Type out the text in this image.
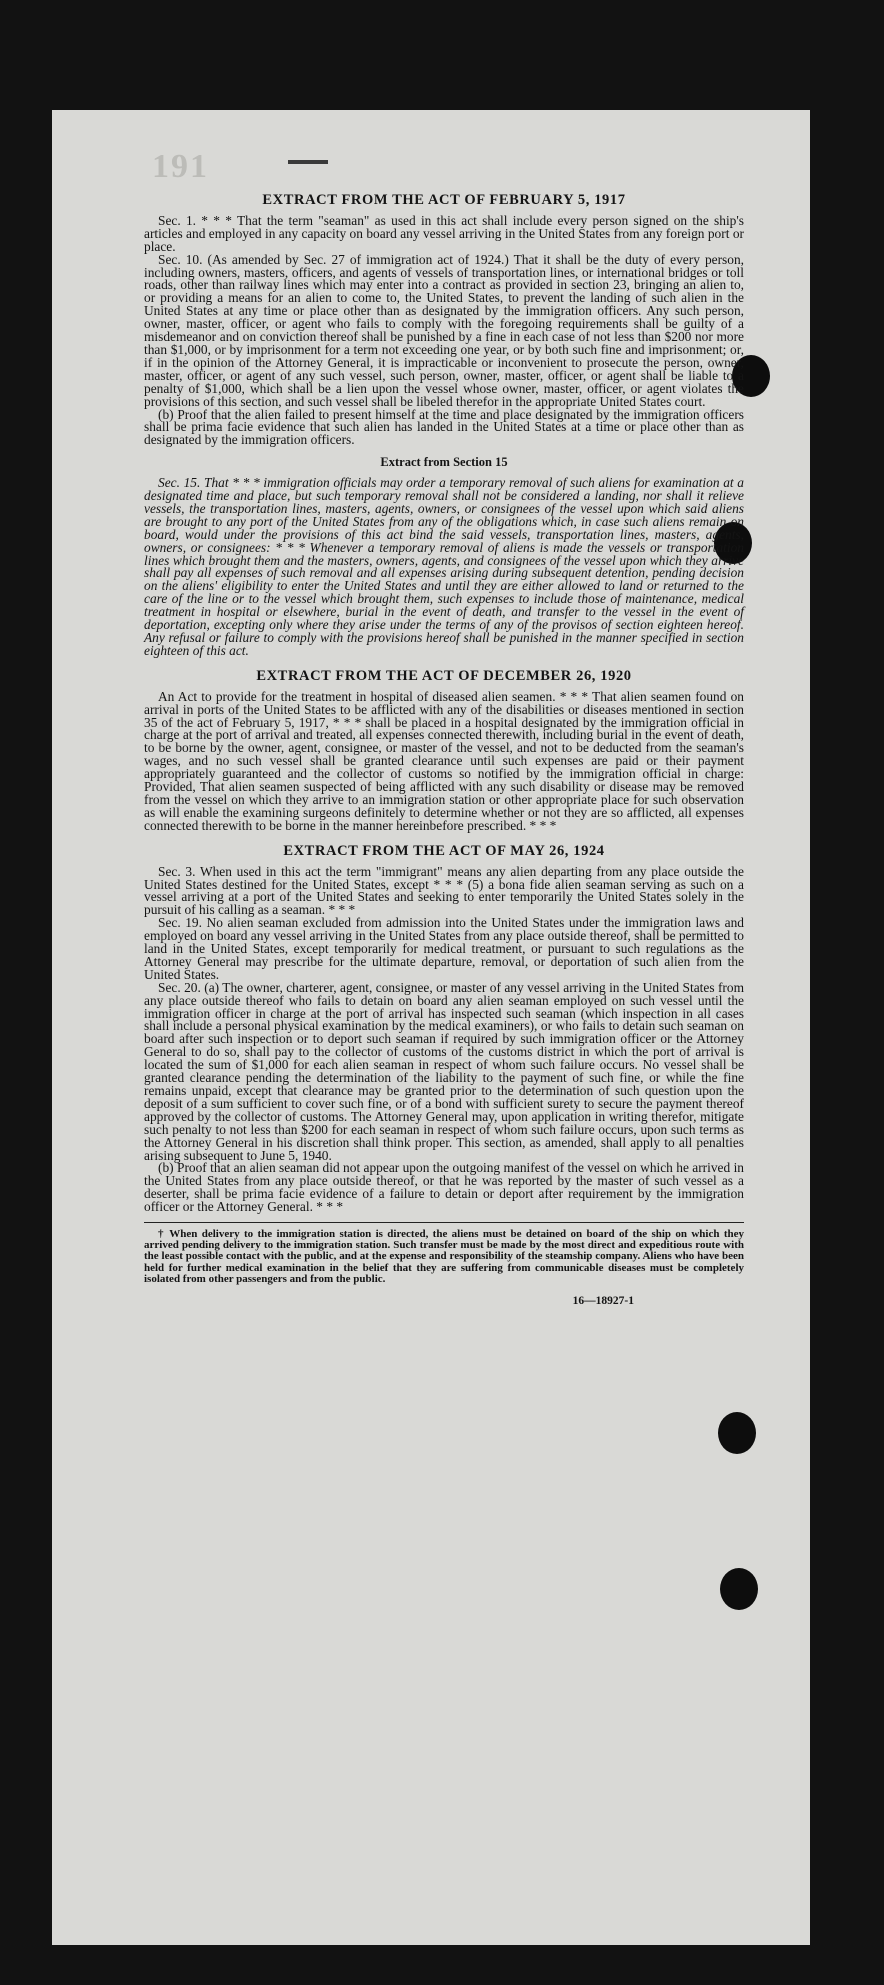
191
EXTRACT FROM THE ACT OF FEBRUARY 5, 1917

Sec. 1. * * * That the term "seaman" as used in this act shall include every person signed on the ship's articles and employed in any capacity on board any vessel arriving in the United States from any foreign port or place.

Sec. 10. (As amended by Sec. 27 of immigration act of 1924.) That it shall be the duty of every person, including owners, masters, officers, and agents of vessels of transportation lines, or international bridges or toll roads, other than railway lines which may enter into a contract as provided in section 23, bringing an alien to, or providing a means for an alien to come to, the United States, to prevent the landing of such alien in the United States at any time or place other than as designated by the immigration officers. Any such person, owner, master, officer, or agent who fails to comply with the foregoing requirements shall be guilty of a misdemeanor and on conviction thereof shall be punished by a fine in each case of not less than $200 nor more than $1,000, or by imprisonment for a term not exceeding one year, or by both such fine and imprisonment; or, if in the opinion of the Attorney General, it is impracticable or inconvenient to prosecute the person, owner, master, officer, or agent of any such vessel, such person, owner, master, officer, or agent shall be liable to a penalty of $1,000, which shall be a lien upon the vessel whose owner, master, officer, or agent violates the provisions of this section, and such vessel shall be libeled therefor in the appropriate United States court.

(b) Proof that the alien failed to present himself at the time and place designated by the immigration officers shall be prima facie evidence that such alien has landed in the United States at a time or place other than as designated by the immigration officers.

Extract from Section 15

Sec. 15. That * * * immigration officials may order a temporary removal of such aliens for examination at a designated time and place, but such temporary removal shall not be considered a landing, nor shall it relieve vessels, the transportation lines, masters, agents, owners, or consignees of the vessel upon which said aliens are brought to any port of the United States from any of the obligations which, in case such aliens remain on board, would under the provisions of this act bind the said vessels, transportation lines, masters, agents, owners, or consignees: * * * Whenever a temporary removal of aliens is made the vessels or transportation lines which brought them and the masters, owners, agents, and consignees of the vessel upon which they arrive shall pay all expenses of such removal and all expenses arising during subsequent detention, pending decision on the aliens' eligibility to enter the United States and until they are either allowed to land or returned to the care of the line or to the vessel which brought them, such expenses to include those of maintenance, medical treatment in hospital or elsewhere, burial in the event of death, and transfer to the vessel in the event of deportation, excepting only where they arise under the terms of any of the provisos of section eighteen hereof. Any refusal or failure to comply with the provisions hereof shall be punished in the manner specified in section eighteen of this act.

EXTRACT FROM THE ACT OF DECEMBER 26, 1920

An Act to provide for the treatment in hospital of diseased alien seamen. * * * That alien seamen found on arrival in ports of the United States to be afflicted with any of the disabilities or diseases mentioned in section 35 of the act of February 5, 1917, * * * shall be placed in a hospital designated by the immigration official in charge at the port of arrival and treated, all expenses connected therewith, including burial in the event of death, to be borne by the owner, agent, consignee, or master of the vessel, and not to be deducted from the seaman's wages, and no such vessel shall be granted clearance until such expenses are paid or their payment appropriately guaranteed and the collector of customs so notified by the immigration official in charge: Provided, That alien seamen suspected of being afflicted with any such disability or disease may be removed from the vessel on which they arrive to an immigration station or other appropriate place for such observation as will enable the examining surgeons definitely to determine whether or not they are so afflicted, all expenses connected therewith to be borne in the manner hereinbefore prescribed. * * *

EXTRACT FROM THE ACT OF MAY 26, 1924

Sec. 3. When used in this act the term "immigrant" means any alien departing from any place outside the United States destined for the United States, except * * * (5) a bona fide alien seaman serving as such on a vessel arriving at a port of the United States and seeking to enter temporarily the United States solely in the pursuit of his calling as a seaman. * * *

Sec. 19. No alien seaman excluded from admission into the United States under the immigration laws and employed on board any vessel arriving in the United States from any place outside thereof, shall be permitted to land in the United States, except temporarily for medical treatment, or pursuant to such regulations as the Attorney General may prescribe for the ultimate departure, removal, or deportation of such alien from the United States.

Sec. 20. (a) The owner, charterer, agent, consignee, or master of any vessel arriving in the United States from any place outside thereof who fails to detain on board any alien seaman employed on such vessel until the immigration officer in charge at the port of arrival has inspected such seaman (which inspection in all cases shall include a personal physical examination by the medical examiners), or who fails to detain such seaman on board after such inspection or to deport such seaman if required by such immigration officer or the Attorney General to do so, shall pay to the collector of customs of the customs district in which the port of arrival is located the sum of $1,000 for each alien seaman in respect of whom such failure occurs. No vessel shall be granted clearance pending the determination of the liability to the payment of such fine, or while the fine remains unpaid, except that clearance may be granted prior to the determination of such question upon the deposit of a sum sufficient to cover such fine, or of a bond with sufficient surety to secure the payment thereof approved by the collector of customs. The Attorney General may, upon application in writing therefor, mitigate such penalty to not less than $200 for each seaman in respect of whom such failure occurs, upon such terms as the Attorney General in his discretion shall think proper. This section, as amended, shall apply to all penalties arising subsequent to June 5, 1940.

(b) Proof that an alien seaman did not appear upon the outgoing manifest of the vessel on which he arrived in the United States from any place outside thereof, or that he was reported by the master of such vessel as a deserter, shall be prima facie evidence of a failure to detain or deport after requirement by the immigration officer or the Attorney General. * * *

† When delivery to the immigration station is directed, the aliens must be detained on board of the ship on which they arrived pending delivery to the immigration station. Such transfer must be made by the most direct and expeditious route with the least possible contact with the public, and at the expense and responsibility of the steamship company. Aliens who have been held for further medical examination in the belief that they are suffering from communicable diseases must be completely isolated from other passengers and from the public.

16—18927-1
